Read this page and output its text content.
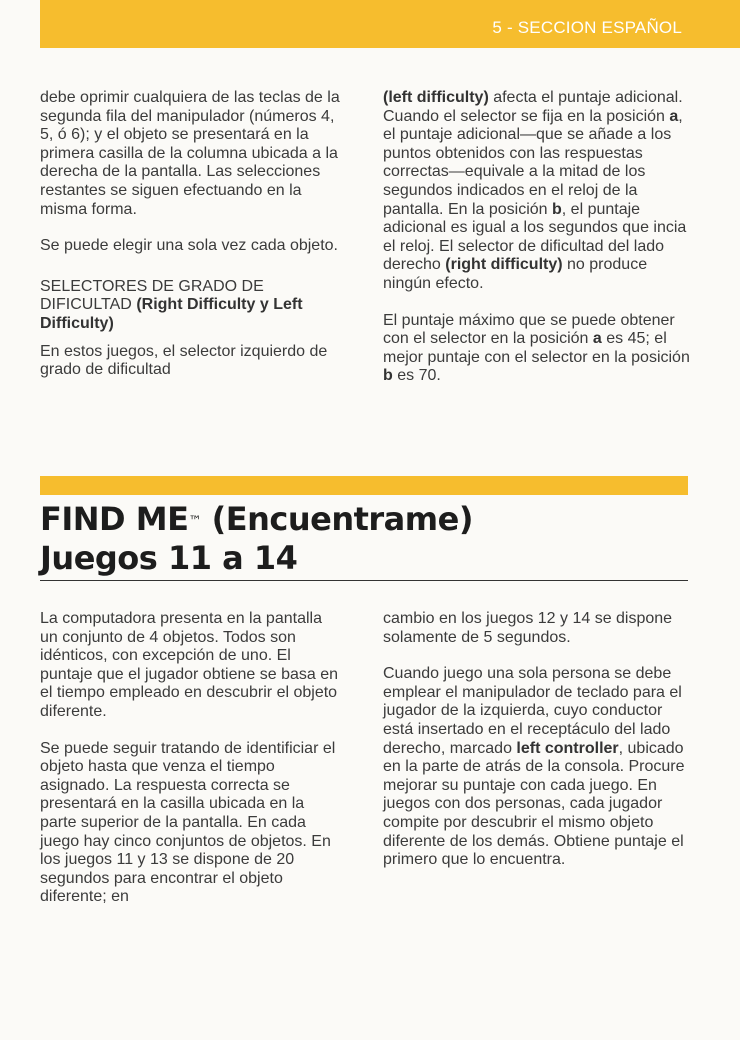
5 - SECCION ESPAÑOL

debe oprimir cualquiera de las teclas de la segunda fila del manipulador (números 4, 5, ó 6); y el objeto se presentará en la primera casilla de la columna ubicada a la derecha de la pantalla. Las selecciones restantes se siguen efectuando en la misma forma.

Se puede elegir una sola vez cada objeto.

SELECTORES DE GRADO DE DIFICULTAD (Right Difficulty y Left Difficulty)

En estos juegos, el selector izquierdo de grado de dificultad

(left difficulty) afecta el puntaje adicional. Cuando el selector se fija en la posición a, el puntaje adicional—que se añade a los puntos obtenidos con las respuestas correctas—equivale a la mitad de los segundos indicados en el reloj de la pantalla. En la posición b, el puntaje adicional es igual a los segundos que incia el reloj. El selector de dificultad del lado derecho (right difficulty) no produce ningún efecto.

El puntaje máximo que se puede obtener con el selector en la posición a es 45; el mejor puntaje con el selector en la posición b es 70.

FIND ME™ (Encuentrame)
Juegos 11 a 14

La computadora presenta en la pantalla un conjunto de 4 objetos. Todos son idénticos, con excepción de uno. El puntaje que el jugador obtiene se basa en el tiempo empleado en descubrir el objeto diferente.

Se puede seguir tratando de identificiar el objeto hasta que venza el tiempo asignado. La respuesta correcta se presentará en la casilla ubicada en la parte superior de la pantalla. En cada juego hay cinco conjuntos de objetos. En los juegos 11 y 13 se dispone de 20 segundos para encontrar el objeto diferente; en

cambio en los juegos 12 y 14 se dispone solamente de 5 segundos.

Cuando juego una sola persona se debe emplear el manipulador de teclado para el jugador de la izquierda, cuyo conductor está insertado en el receptáculo del lado derecho, marcado left controller, ubicado en la parte de atrás de la consola. Procure mejorar su puntaje con cada juego. En juegos con dos personas, cada jugador compite por descubrir el mismo objeto diferente de los demás. Obtiene puntaje el primero que lo encuentra.
